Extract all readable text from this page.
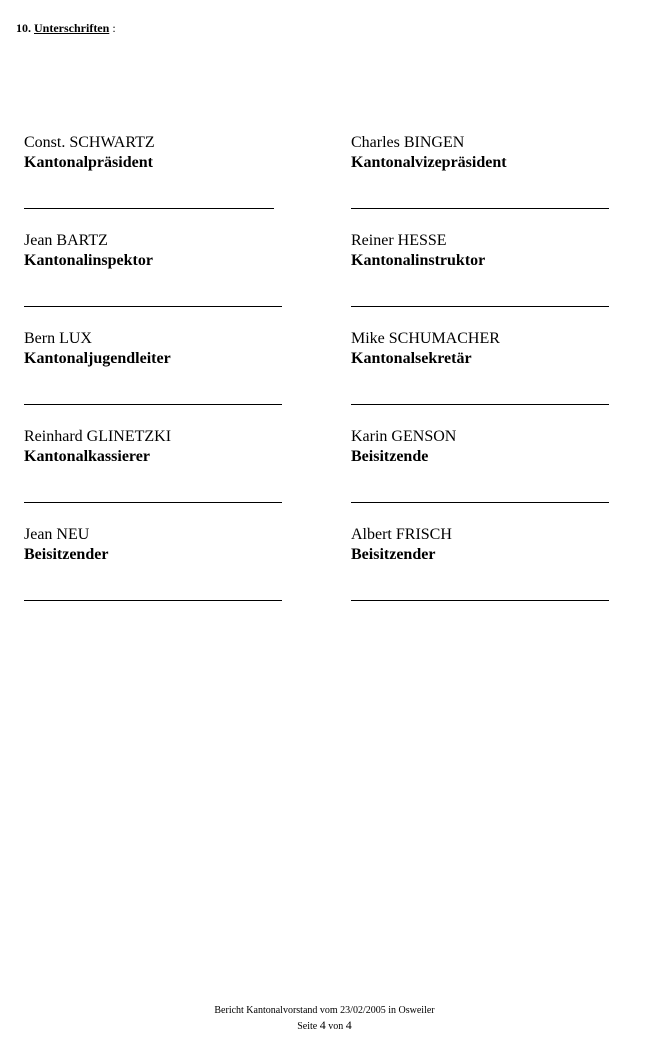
10. Unterschriften :
Const. SCHWARTZ
Kantonalpräsident
Charles BINGEN
Kantonalvizepräsident
Jean BARTZ
Kantonalinspektor
Reiner HESSE
Kantonalinstruktor
Bern LUX
Kantonaljugendleiter
Mike SCHUMACHER
Kantonalsekretär
Reinhard GLINETZKI
Kantonalkassierer
Karin GENSON
Beisitzende
Jean NEU
Beisitzender
Albert FRISCH
Beisitzender
Bericht Kantonalvorstand vom 23/02/2005 in Osweiler
Seite 4 von 4
